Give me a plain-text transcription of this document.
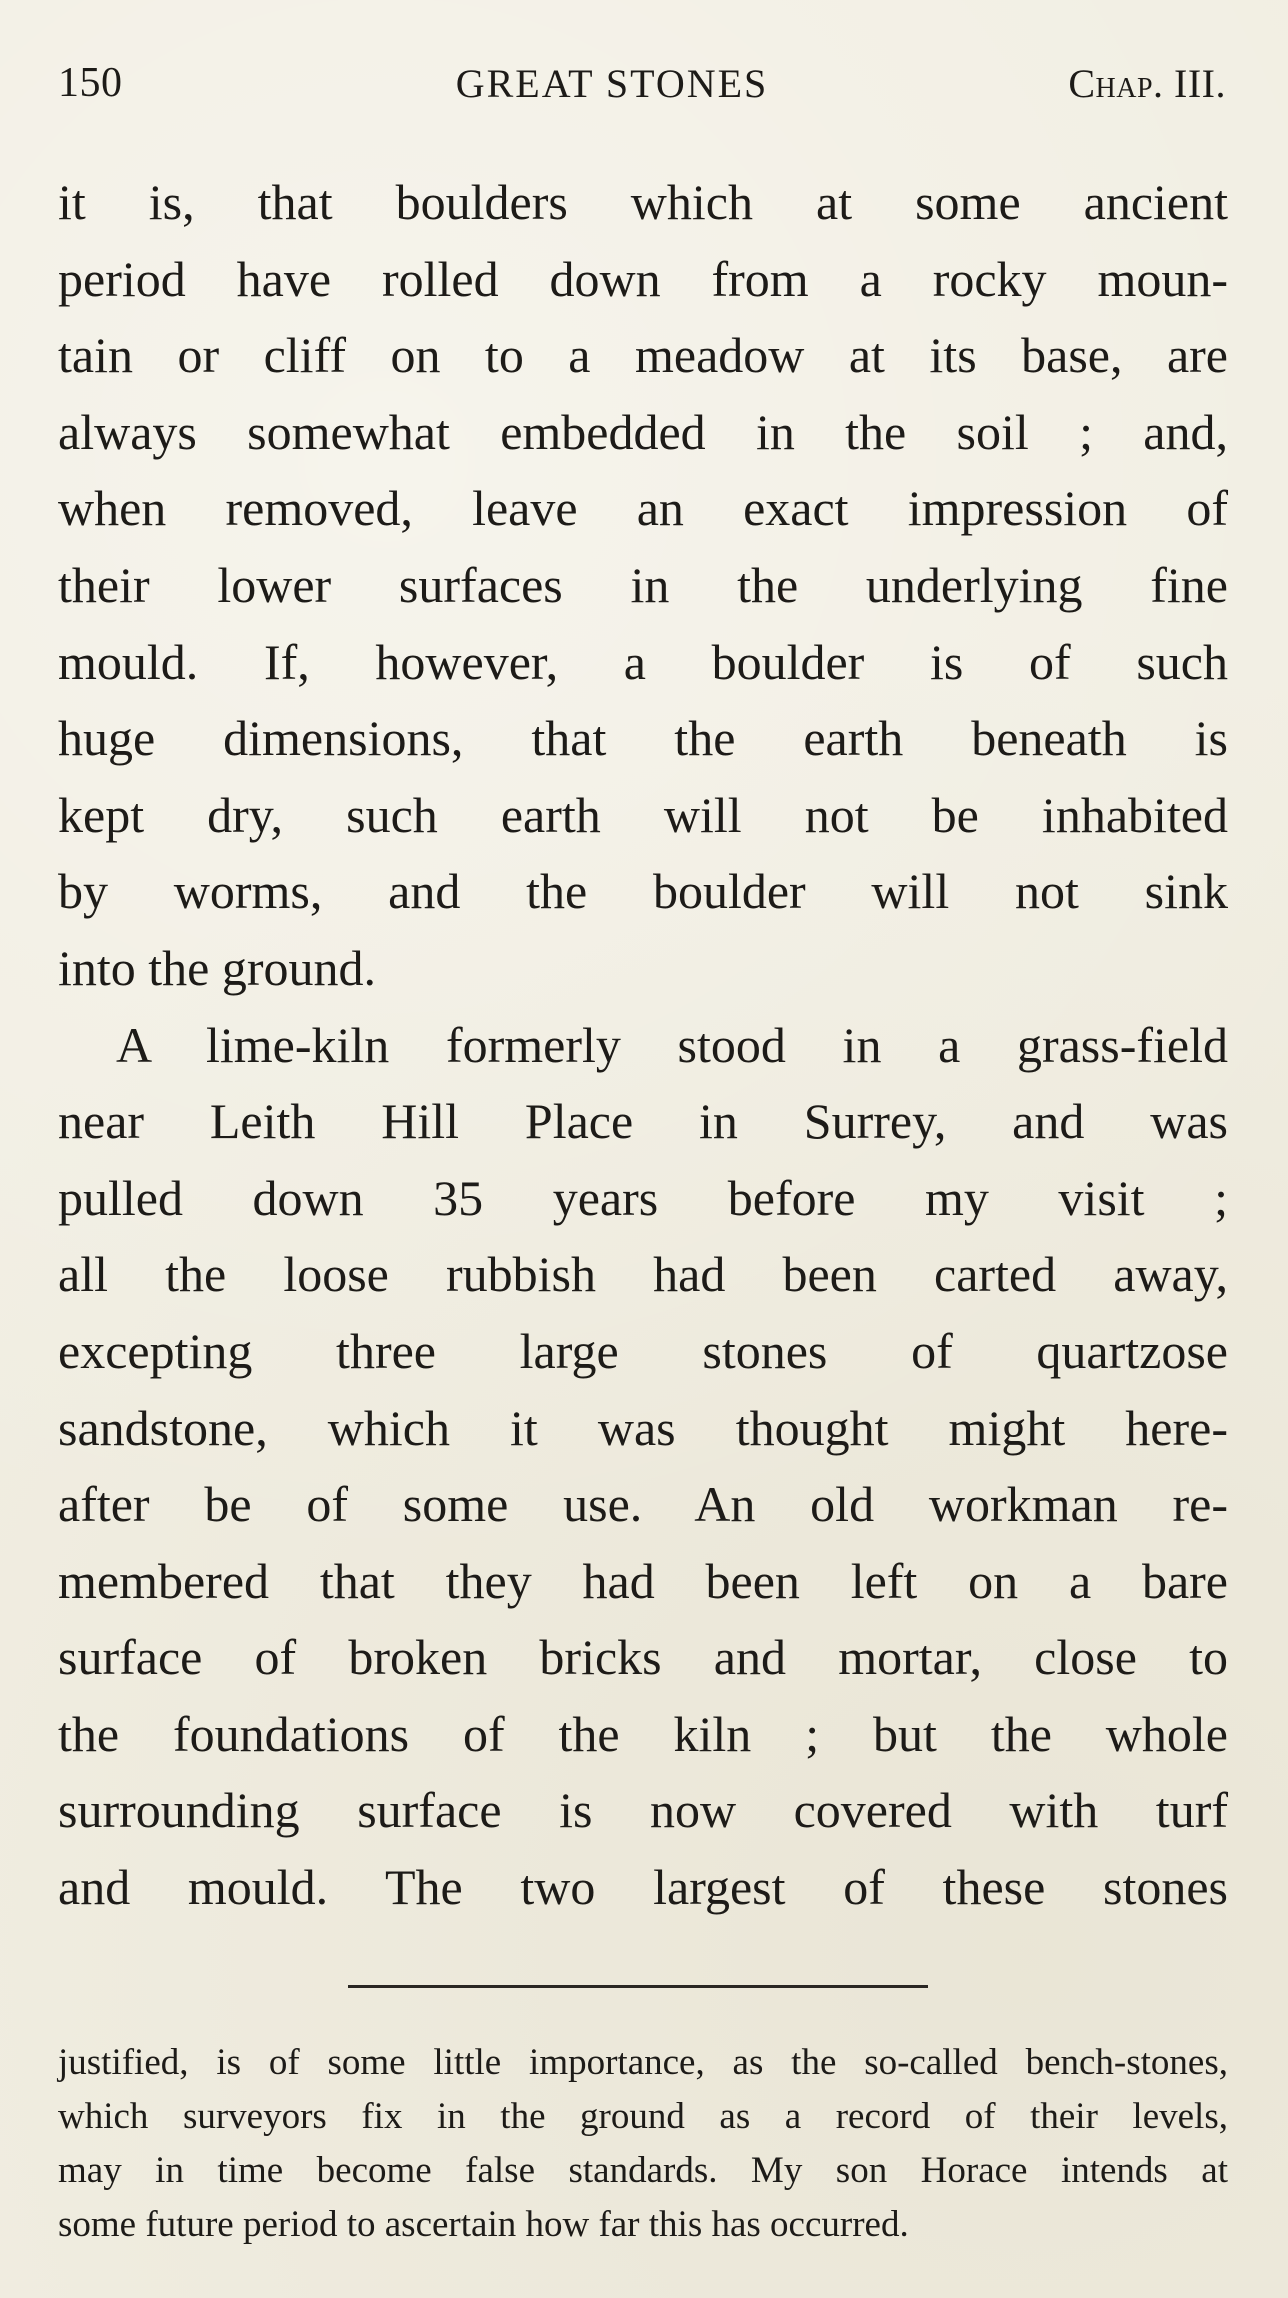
150	GREAT STONES	Chap. III.
it is, that boulders which at some ancient
period have rolled down from a rocky moun-
tain or cliff on to a meadow at its base, are
always somewhat embedded in the soil ; and,
when removed, leave an exact impression of
their lower surfaces in the underlying fine
mould. If, however, a boulder is of such
huge dimensions, that the earth beneath is
kept dry, such earth will not be inhabited
by worms, and the boulder will not sink
into the ground.
A lime-kiln formerly stood in a grass-field
near Leith Hill Place in Surrey, and was
pulled down 35 years before my visit ;
all the loose rubbish had been carted away,
excepting three large stones of quartzose
sandstone, which it was thought might here-
after be of some use. An old workman re-
membered that they had been left on a bare
surface of broken bricks and mortar, close to
the foundations of the kiln ; but the whole
surrounding surface is now covered with turf
and mould. The two largest of these stones
justified, is of some little importance, as the so-called bench-stones,
which surveyors fix in the ground as a record of their levels,
may in time become false standards. My son Horace intends at
some future period to ascertain how far this has occurred.
